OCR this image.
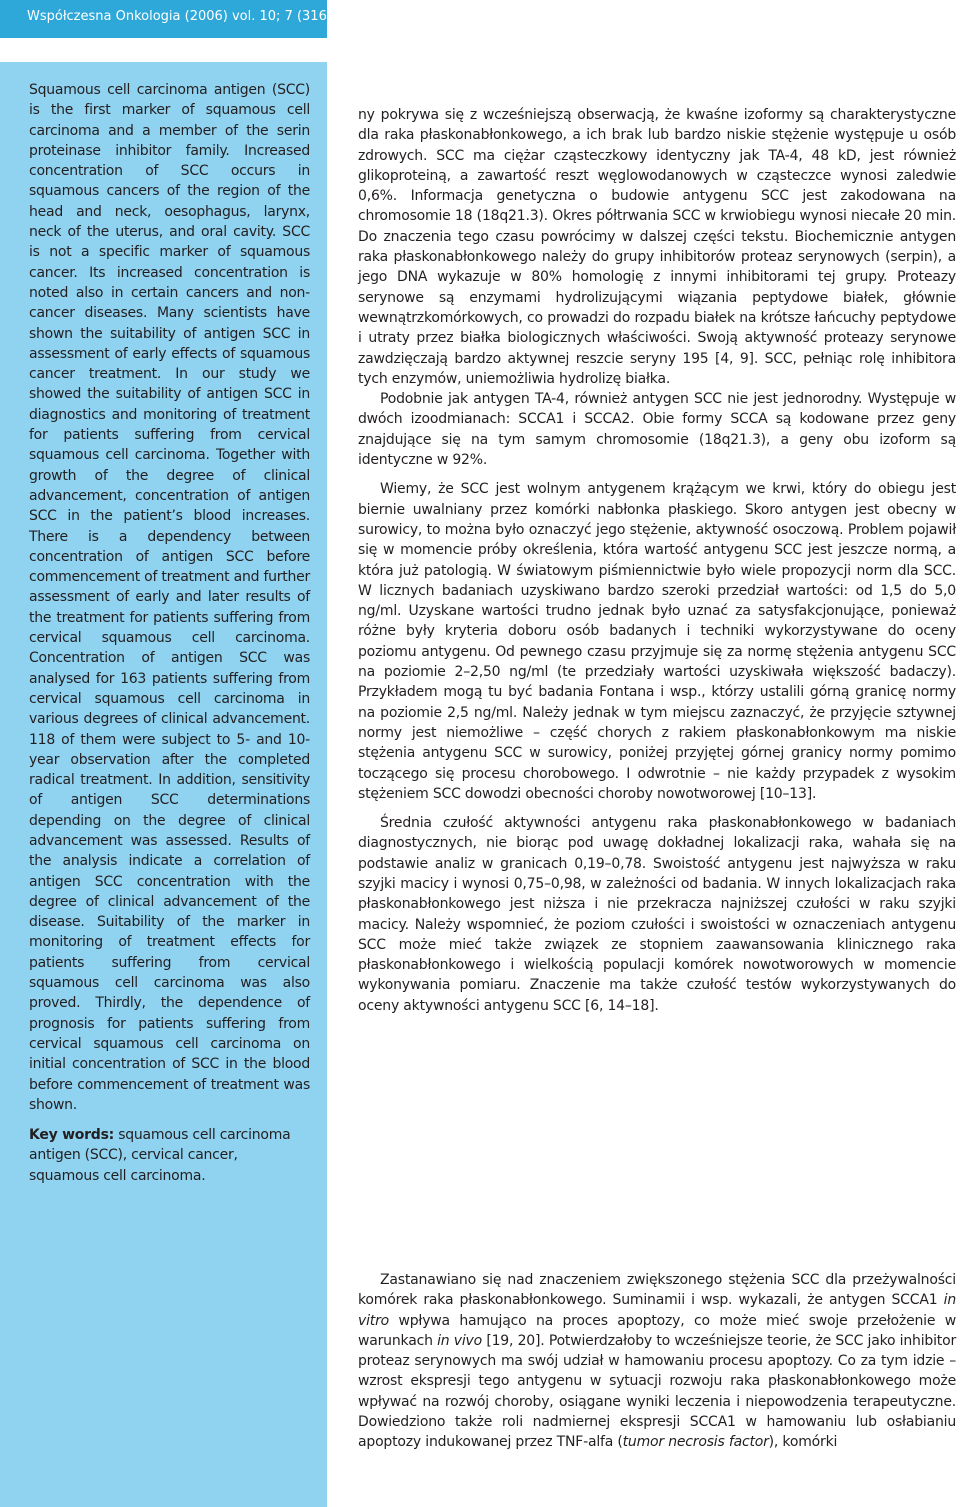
Współczesna Onkologia (2006) vol. 10; 7 (316–320)
Squamous cell carcinoma antigen (SCC) is the first marker of squamous cell carcinoma and a member of the serin proteinase inhibitor family. Increased concentration of SCC occurs in squamous cancers of the region of the head and neck, oesophagus, larynx, neck of the uterus, and oral cavity. SCC is not a specific marker of squamous cancer. Its increased concentration is noted also in certain cancers and non-cancer diseases. Many scientists have shown the suitability of antigen SCC in assessment of early effects of squamous cancer treatment. In our study we showed the suitability of antigen SCC in diagnostics and monitoring of treatment for patients suffering from cervical squamous cell carcinoma. Together with growth of the degree of clinical advancement, concentration of antigen SCC in the patient’s blood increases. There is a dependency between concentration of antigen SCC before commencement of treatment and further assessment of early and later results of the treatment for patients suffering from cervical squamous cell carcinoma. Concentration of antigen SCC was analysed for 163 patients suffering from cervical squamous cell carcinoma in various degrees of clinical advancement. 118 of them were subject to 5- and 10-year observation after the completed radical treatment. In addition, sensitivity of antigen SCC determinations depending on the degree of clinical advancement was assessed. Results of the analysis indicate a correlation of antigen SCC concentration with the degree of clinical advancement of the disease. Suitability of the marker in monitoring of treatment effects for patients suffering from cervical squamous cell carcinoma was also proved. Thirdly, the dependence of prognosis for patients suffering from cervical squamous cell carcinoma on initial concentration of SCC in the blood before commencement of treatment was shown.
Key words: squamous cell carcinoma antigen (SCC), cervical cancer, squamous cell carcinoma.

ny pokrywa się z wcześniejszą obserwacją, że kwaśne izoformy są charakterystyczne dla raka płaskonabłonkowego, a ich brak lub bardzo niskie stężenie występuje u osób zdrowych. SCC ma ciężar cząsteczkowy identyczny jak TA-4, 48 kD, jest również glikoproteiną, a zawartość reszt węglowodanowych w cząsteczce wynosi zaledwie 0,6%. Informacja genetyczna o budowie antygenu SCC jest zakodowana na chromosomie 18 (18q21.3). Okres półtrwania SCC w krwiobiegu wynosi niecałe 20 min. Do znaczenia tego czasu powrócimy w dalszej części tekstu. Biochemicznie antygen raka płaskonabłonkowego należy do grupy inhibitorów proteaz serynowych (serpin), a jego DNA wykazuje w 80% homologię z innymi inhibitorami tej grupy. Proteazy serynowe są enzymami hydrolizującymi wiązania peptydowe białek, głównie wewnątrzkomórkowych, co prowadzi do rozpadu białek na krótsze łańcuchy peptydowe i utraty przez białka biologicznych właściwości. Swoją aktywność proteazy serynowe zawdzięczają bardzo aktywnej reszcie seryny 195 [4, 9]. SCC, pełniąc rolę inhibitora tych enzymów, uniemożliwia hydrolizę białka.

Podobnie jak antygen TA-4, również antygen SCC nie jest jednorodny. Występuje w dwóch izoodmianach: SCCA1 i SCCA2. Obie formy SCCA są kodowane przez geny znajdujące się na tym samym chromosomie (18q21.3), a geny obu izoform są identyczne w 92%.

Wiemy, że SCC jest wolnym antygenem krążącym we krwi, który do obiegu jest biernie uwalniany przez komórki nabłonka płaskiego. Skoro antygen jest obecny w surowicy, to można było oznaczyć jego stężenie, aktywność osoczową. Problem pojawił się w momencie próby określenia, która wartość antygenu SCC jest jeszcze normą, a która już patologią. W światowym piśmiennictwie było wiele propozycji norm dla SCC. W licznych badaniach uzyskiwano bardzo szeroki przedział wartości: od 1,5 do 5,0 ng/ml. Uzyskane wartości trudno jednak było uznać za satysfakcjonujące, ponieważ różne były kryteria doboru osób badanych i techniki wykorzystywane do oceny poziomu antygenu. Od pewnego czasu przyjmuje się za normę stężenia antygenu SCC na poziomie 2–2,50 ng/ml (te przedziały wartości uzyskiwała większość badaczy). Przykładem mogą tu być badania Fontana i wsp., którzy ustalili górną granicę normy na poziomie 2,5 ng/ml. Należy jednak w tym miejscu zaznaczyć, że przyjęcie sztywnej normy jest niemożliwe – część chorych z rakiem płaskonabłonkowym ma niskie stężenia antygenu SCC w surowicy, poniżej przyjętej górnej granicy normy pomimo toczącego się procesu chorobowego. I odwrotnie – nie każdy przypadek z wysokim stężeniem SCC dowodzi obecności choroby nowotworowej [10–13].

Średnia czułość aktywności antygenu raka płaskonabłonkowego w badaniach diagnostycznych, nie biorąc pod uwagę dokładnej lokalizacji raka, wahała się na podstawie analiz w granicach 0,19–0,78. Swoistość antygenu jest najwyższa w raku szyjki macicy i wynosi 0,75–0,98, w zależności od badania. W innych lokalizacjach raka płaskonabłonkowego jest niższa i nie przekracza najniższej czułości w raku szyjki macicy. Należy wspomnieć, że poziom czułości i swoistości w oznaczeniach antygenu SCC może mieć także związek ze stopniem zaawansowania klinicznego raka płaskonabłonkowego i wielkością populacji komórek nowotworowych w momencie wykonywania pomiaru. Znaczenie ma także czułość testów wykorzystywanych do oceny aktywności antygenu SCC [6, 14–18].

Zastanawiano się nad znaczeniem zwiększonego stężenia SCC dla przeżywalności komórek raka płaskonabłonkowego. Suminamii i wsp. wykazali, że antygen SCCA1 in vitro wpływa hamująco na proces apoptozy, co może mieć swoje przełożenie w warunkach in vivo [19, 20]. Potwierdzałoby to wcześniejsze teorie, że SCC jako inhibitor proteaz serynowych ma swój udział w hamowaniu procesu apoptozy. Co za tym idzie – wzrost ekspresji tego antygenu w sytuacji rozwoju raka płaskonabłonkowego może wpływać na rozwój choroby, osiągane wyniki leczenia i niepowodzenia terapeutyczne. Dowiedziono także roli nadmiernej ekspresji SCCA1 w hamowaniu lub osłabianiu apoptozy indukowanej przez TNF-alfa (tumor necrosis factor), komórki
